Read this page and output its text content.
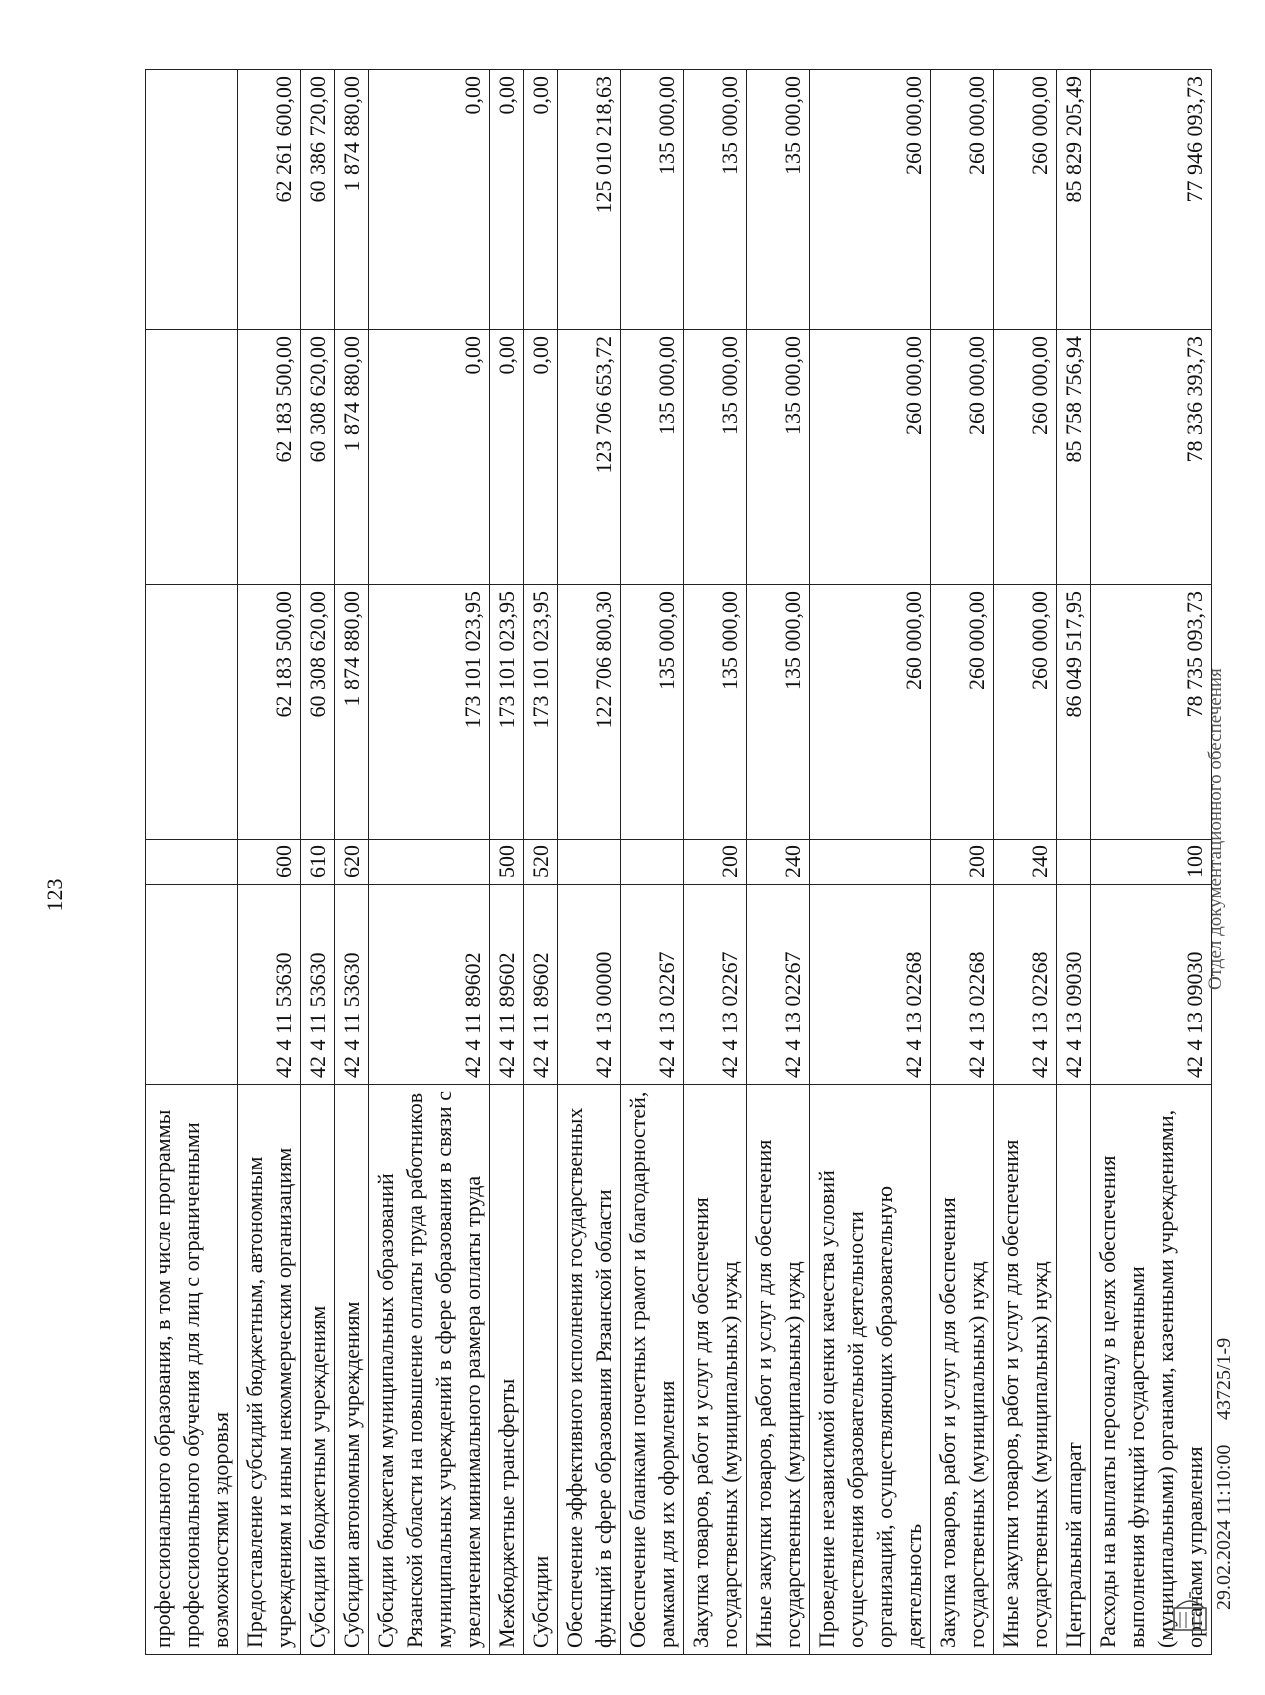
123
профессионального образования, в том числе программы профессионального обучения для лиц с ограниченными возможностями здоровья					
Предоставление субсидий бюджетным, автономным учреждениям и иным некоммерческим организациям	42 4 11 53630	600	62 183 500,00	62 183 500,00	62 261 600,00
Субсидии бюджетным учреждениям	42 4 11 53630	610	60 308 620,00	60 308 620,00	60 386 720,00
Субсидии автономным учреждениям	42 4 11 53630	620	1 874 880,00	1 874 880,00	1 874 880,00
Субсидии бюджетам муниципальных образований Рязанской области на повышение оплаты труда работников муниципальных учреждений в сфере образования в связи с увеличением минимального размера оплаты труда	42 4 11 89602		173 101 023,95	0,00	0,00
Межбюджетные трансферты	42 4 11 89602	500	173 101 023,95	0,00	0,00
Субсидии	42 4 11 89602	520	173 101 023,95	0,00	0,00
Обеспечение эффективного исполнения государственных функций в сфере образования Рязанской области	42 4 13 00000		122 706 800,30	123 706 653,72	125 010 218,63
Обеспечение бланками почетных грамот и благодарностей, рамками для их оформления	42 4 13 02267		135 000,00	135 000,00	135 000,00
Закупка товаров, работ и услуг для обеспечения государственных (муниципальных) нужд	42 4 13 02267	200	135 000,00	135 000,00	135 000,00
Иные закупки товаров, работ и услуг для обеспечения государственных (муниципальных) нужд	42 4 13 02267	240	135 000,00	135 000,00	135 000,00
Проведение независимой оценки качества условий осуществления образовательной деятельности организаций, осуществляющих образовательную деятельность	42 4 13 02268		260 000,00	260 000,00	260 000,00
Закупка товаров, работ и услуг для обеспечения государственных (муниципальных) нужд	42 4 13 02268	200	260 000,00	260 000,00	260 000,00
Иные закупки товаров, работ и услуг для обеспечения государственных (муниципальных) нужд	42 4 13 02268	240	260 000,00	260 000,00	260 000,00
Центральный аппарат	42 4 13 09030		86 049 517,95	85 758 756,94	85 829 205,49
Расходы на выплаты персоналу в целях обеспечения выполнения функций государственными (муниципальными) органами, казенными учреждениями, органами управления	42 4 13 09030	100	78 735 093,73	78 336 393,73	77 946 093,73
29.02.2024 11:10:00
43725/1-9
Отдел документационного обеспечения
